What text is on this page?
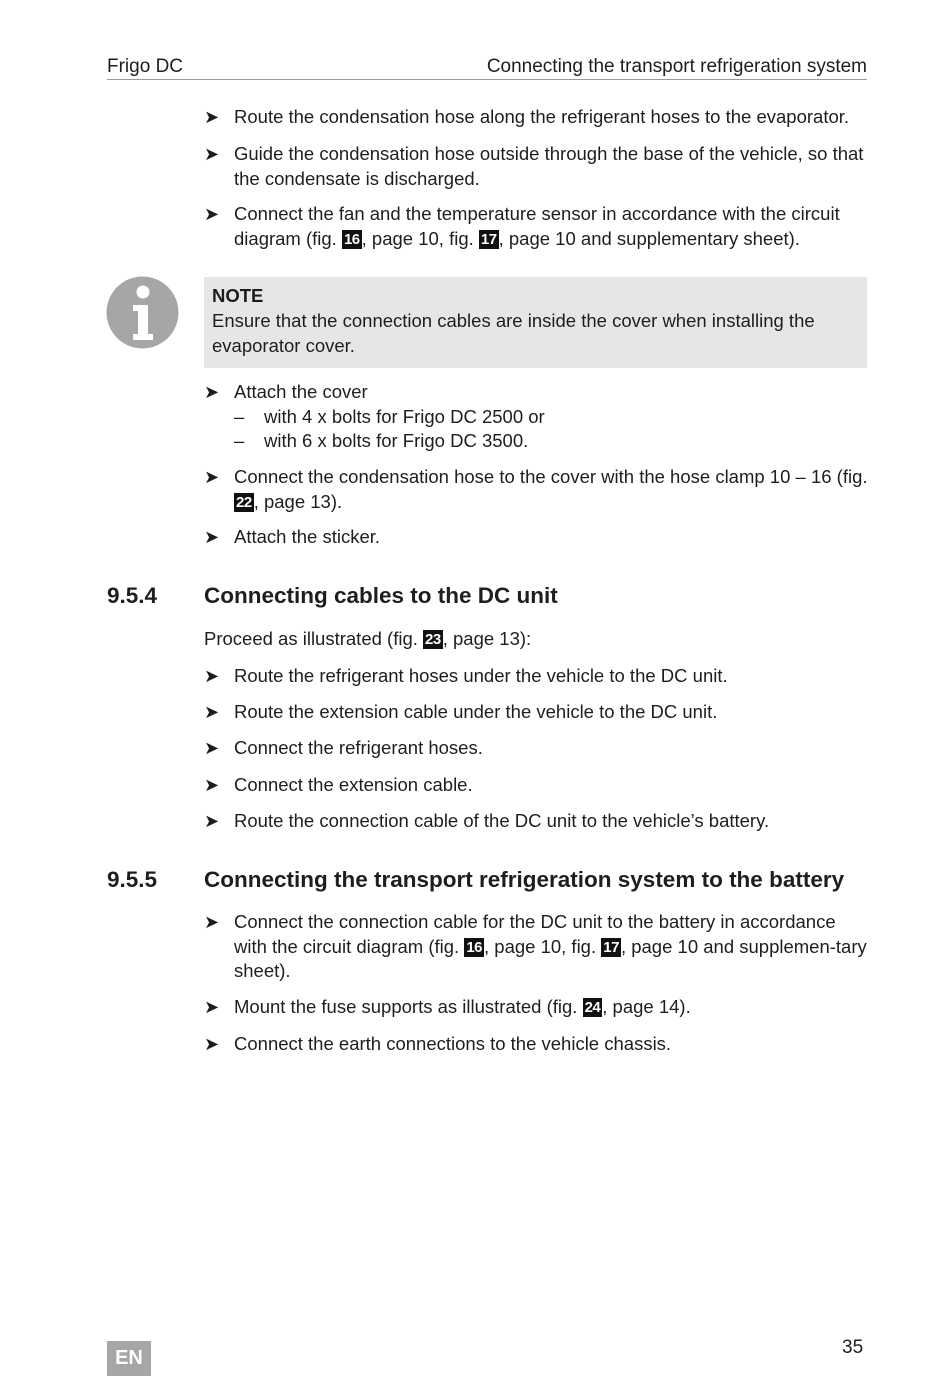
Frigo DC	Connecting the transport refrigeration system
➤ Route the condensation hose along the refrigerant hoses to the evaporator.
➤ Guide the condensation hose outside through the base of the vehicle, so that the condensate is discharged.
➤ Connect the fan and the temperature sensor in accordance with the circuit diagram (fig. 16 , page 10, fig. 17 , page 10 and supplementary sheet).
NOTE
Ensure that the connection cables are inside the cover when installing the evaporator cover.
➤ Attach the cover
– with 4 x bolts for Frigo DC 2500 or
– with 6 x bolts for Frigo DC 3500.
➤ Connect the condensation hose to the cover with the hose clamp 10 – 16 (fig. 22 , page 13).
➤ Attach the sticker.
9.5.4 Connecting cables to the DC unit
Proceed as illustrated (fig. 23 , page 13):
➤ Route the refrigerant hoses under the vehicle to the DC unit.
➤ Route the extension cable under the vehicle to the DC unit.
➤ Connect the refrigerant hoses.
➤ Connect the extension cable.
➤ Route the connection cable of the DC unit to the vehicle’s battery.
9.5.5 Connecting the transport refrigeration system to the battery
➤ Connect the connection cable for the DC unit to the battery in accordance with the circuit diagram (fig. 16 , page 10, fig. 17 , page 10 and supplemen-tary sheet).
➤ Mount the fuse supports as illustrated (fig. 24 , page 14).
➤ Connect the earth connections to the vehicle chassis.
EN	35
